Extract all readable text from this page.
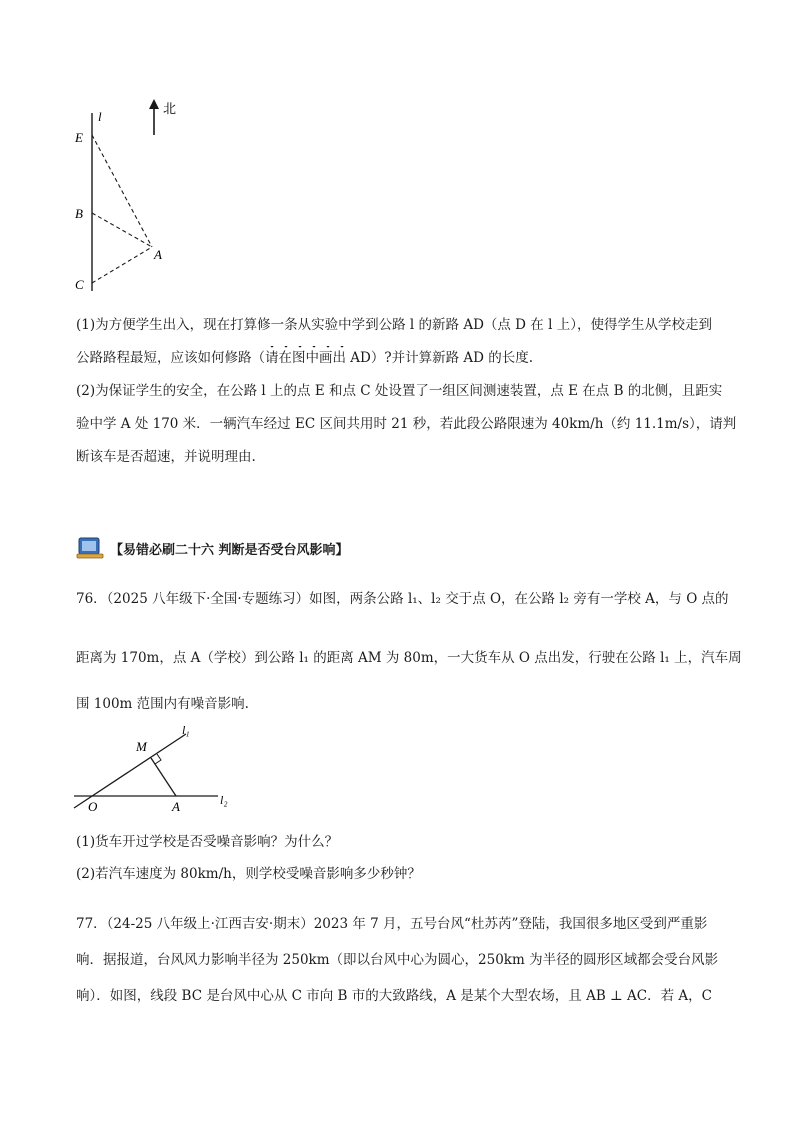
北
l
E
B
C
A
(1)为方便学生出入，现在打算修一条从实验中学到公路 l 的新路 AD（点 D 在 l 上），使得学生从学校走到
公路路程最短，应该如何修路（请在图中画出 AD）?并计算新路 AD 的长度.
(2)为保证学生的安全，在公路 l 上的点 E 和点 C 处设置了一组区间测速装置，点 E 在点 B 的北侧，且距实
验中学 A 处 170 米．一辆汽车经过 EC 区间共用时 21 秒，若此段公路限速为 40km/h（约 11.1m/s），请判
断该车是否超速，并说明理由.
【易错必刷二十六 判断是否受台风影响】
76．（2025 八年级下·全国·专题练习）如图，两条公路 l₁、l₂ 交于点 O，在公路 l₂ 旁有一学校 A，与 O 点的
距离为 170m，点 A（学校）到公路 l₁ 的距离 AM 为 80m，一大货车从 O 点出发，行驶在公路 l₁ 上，汽车周
围 100m 范围内有噪音影响.
l₁
l₂
M
O	A
(1)货车开过学校是否受噪音影响？为什么？
(2)若汽车速度为 80km/h，则学校受噪音影响多少秒钟？
77．（24-25 八年级上·江西吉安·期末）2023 年 7 月，五号台风“杜苏芮”登陆，我国很多地区受到严重影
响．据报道，台风风力影响半径为 250km（即以台风中心为圆心，250km 为半径的圆形区域都会受台风影
响）．如图，线段 BC 是台风中心从 C 市向 B 市的大致路线，A 是某个大型农场，且 AB ⊥ AC．若 A，C
